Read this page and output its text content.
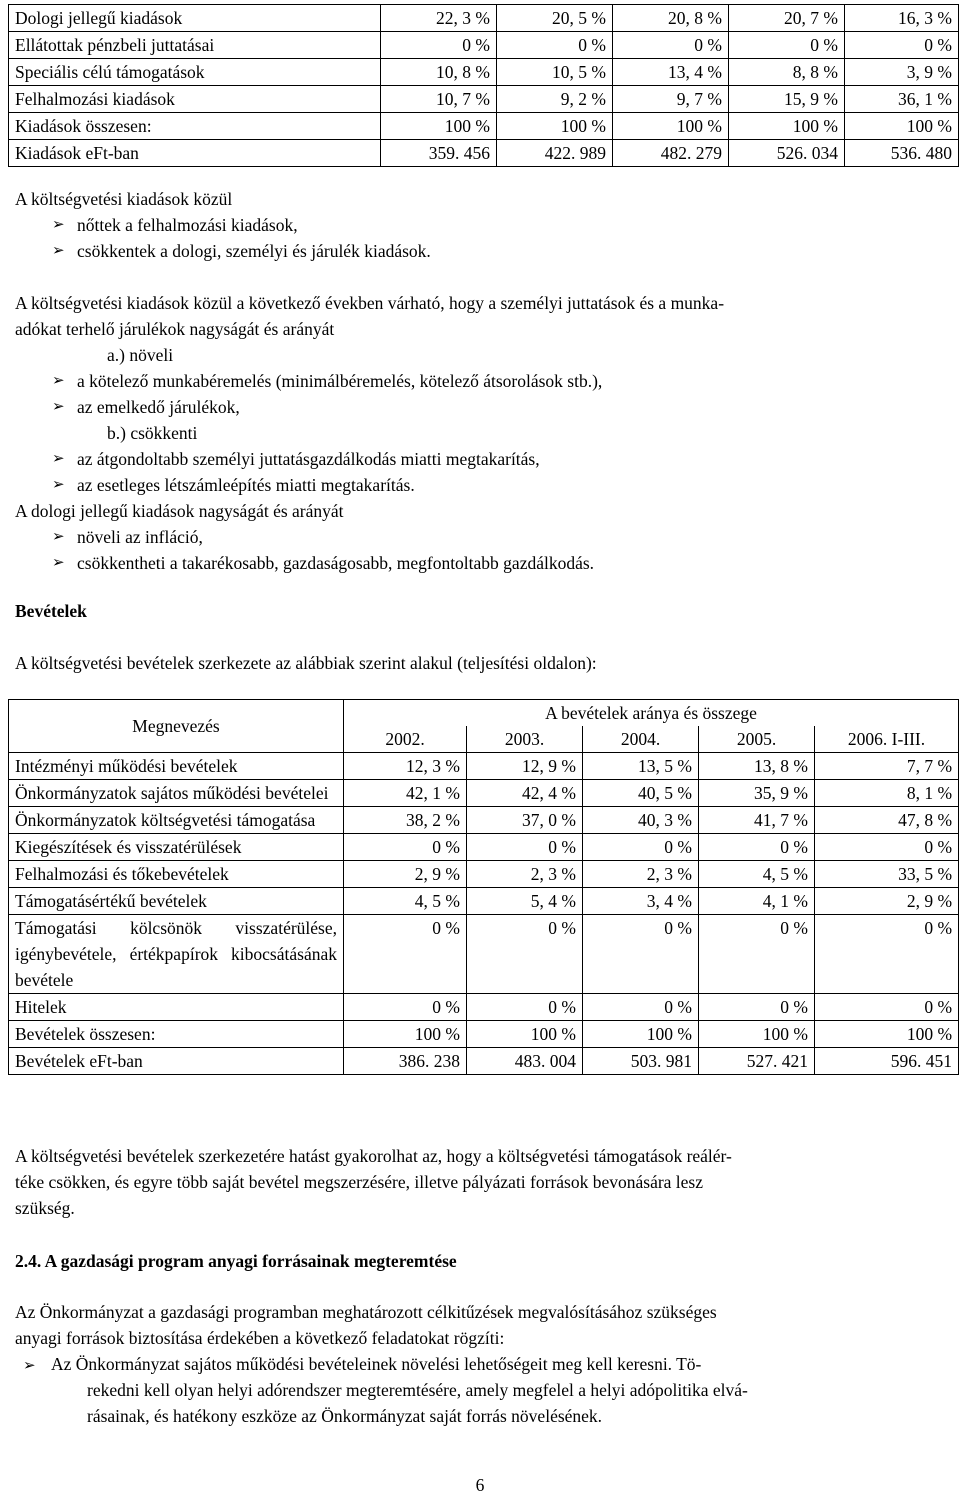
Dologi jellegű kiadások	22, 3 %	20, 5 %	20, 8 %	20, 7 %	16, 3 %
Ellátottak pénzbeli juttatásai	0 %	0 %	0 %	0 %	0 %
Speciális célú támogatások	10, 8 %	10, 5 %	13, 4 %	8, 8 %	3, 9 %
Felhalmozási kiadások	10, 7 %	9, 2 %	9, 7 %	15, 9 %	36, 1 %
Kiadások összesen:	100 %	100 %	100 %	100 %	100 %
Kiadások eFt-ban	359. 456	422. 989	482. 279	526. 034	536. 480
A költségvetési kiadások közül
➢ nőttek a felhalmozási kiadások,
➢ csökkentek a dologi, személyi és járulék kiadások.
A költségvetési kiadások közül a következő években várható, hogy a személyi juttatások és a munka-
adókat terhelő járulékok nagyságát és arányát
a.) növeli
➢ a kötelező munkabéremelés (minimálbéremelés, kötelező átsorolások stb.),
➢ az emelkedő járulékok,
b.) csökkenti
➢ az átgondoltabb személyi juttatásgazdálkodás miatti megtakarítás,
➢ az esetleges létszámleépítés miatti megtakarítás.
A dologi jellegű kiadások nagyságát és arányát
➢ növeli az infláció,
➢ csökkentheti a takarékosabb, gazdaságosabb, megfontoltabb gazdálkodás.
Bevételek
A költségvetési bevételek szerkezete az alábbiak szerint alakul (teljesítési oldalon):
Megnevezés	A bevételek aránya és összege				
	2002.	2003.	2004.	2005.	2006. I-III.
Intézményi működési bevételek	12, 3 %	12, 9 %	13, 5 %	13, 8 %	7, 7 %
Önkormányzatok sajátos működési bevételei	42, 1 %	42, 4 %	40, 5 %	35, 9 %	8, 1 %
Önkormányzatok költségvetési támogatása	38, 2 %	37, 0 %	40, 3 %	41, 7 %	47, 8 %
Kiegészítések és visszatérülések	0 %	0 %	0 %	0 %	0 %
Felhalmozási és tőkebevételek	2, 9 %	2, 3 %	2, 3 %	4, 5 %	33, 5 %
Támogatásértékű bevételek	4, 5 %	5, 4 %	3, 4 %	4, 1 %	2, 9 %
Támogatási kölcsönök visszatérülése, igénybevétele, értékpapírok kibocsátásának bevétele	0 %	0 %	0 %	0 %	0 %
Hitelek	0 %	0 %	0 %	0 %	0 %
Bevételek összesen:	100 %	100 %	100 %	100 %	100 %
Bevételek eFt-ban	386. 238	483. 004	503. 981	527. 421	596. 451
A költségvetési bevételek szerkezetére hatást gyakorolhat az, hogy a költségvetési támogatások reálér-
téke csökken, és egyre több saját bevétel megszerzésére, illetve pályázati források bevonására lesz
szükség.
2.4. A gazdasági program anyagi forrásainak megteremtése
Az Önkormányzat a gazdasági programban meghatározott célkitűzések megvalósításához szükséges
anyagi források biztosítása érdekében a következő feladatokat rögzíti:
➢ Az Önkormányzat sajátos működési bevételeinek növelési lehetőségeit meg kell keresni. Tö-
rekedni kell olyan helyi adórendszer megteremtésére, amely megfelel a helyi adópolitika elvá-
rásainak, és hatékony eszköze az Önkormányzat saját forrás növelésének.
6
